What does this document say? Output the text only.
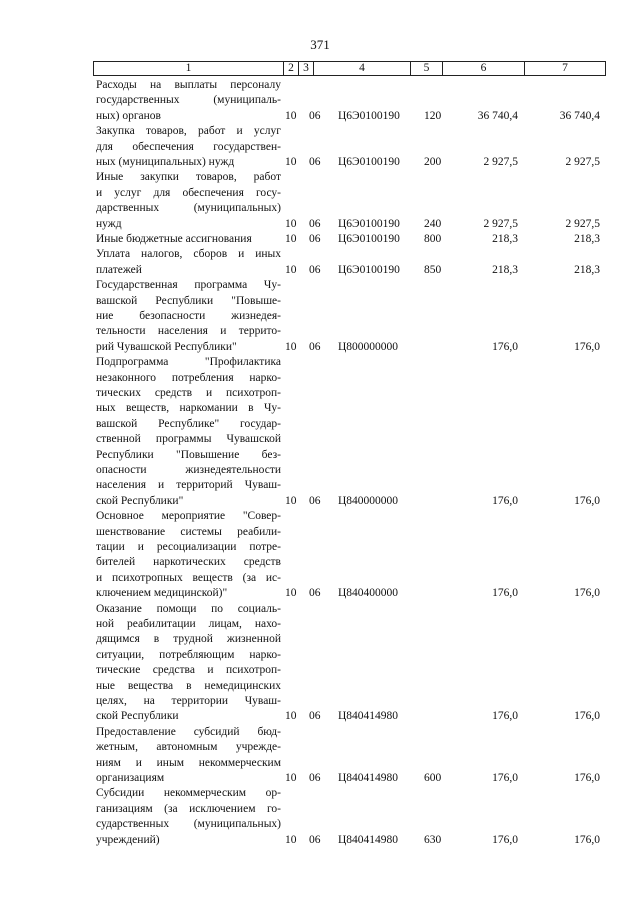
371
1	2 3	4	5	6	7
Расходы на выплаты персоналу
государственных (муниципаль-
ных) органов	10 06 Ц6Э0100190 120	36 740,4	36 740,4
Закупка товаров, работ и услуг
для обеспечения государствен-
ных (муниципальных) нужд	10 06 Ц6Э0100190 200	2 927,5	2 927,5
Иные закупки товаров, работ
и услуг для обеспечения госу-
дарственных (муниципальных)
нужд	10 06 Ц6Э0100190 240	2 927,5	2 927,5
Иные бюджетные ассигнования	10 06 Ц6Э0100190 800	218,3	218,3
Уплата налогов, сборов и иных
платежей	10 06 Ц6Э0100190 850	218,3	218,3
Государственная программа Чу-
вашской Республики "Повыше-
ние безопасности жизнедея-
тельности населения и террито-
рий Чувашской Республики"	10 06 Ц800000000	176,0	176,0
Подпрограмма "Профилактика
незаконного потребления нарко-
тических средств и психотроп-
ных веществ, наркомании в Чу-
вашской Республике" государ-
ственной программы Чувашской
Республики "Повышение без-
опасности жизнедеятельности
населения и территорий Чуваш-
ской Республики"	10 06 Ц840000000	176,0	176,0
Основное мероприятие "Совер-
шенствование системы реабили-
тации и ресоциализации потре-
бителей наркотических средств
и психотропных веществ (за ис-
ключением медицинской)"	10 06 Ц840400000	176,0	176,0
Оказание помощи по социаль-
ной реабилитации лицам, нахо-
дящимся в трудной жизненной
ситуации, потребляющим нарко-
тические средства и психотроп-
ные вещества в немедицинских
целях, на территории Чуваш-
ской Республики	10 06 Ц840414980	176,0	176,0
Предоставление субсидий бюд-
жетным, автономным учрежде-
ниям и иным некоммерческим
организациям	10 06 Ц840414980 600	176,0	176,0
Субсидии некоммерческим ор-
ганизациям (за исключением го-
сударственных (муниципальных)
учреждений)	10 06 Ц840414980 630	176,0	176,0
